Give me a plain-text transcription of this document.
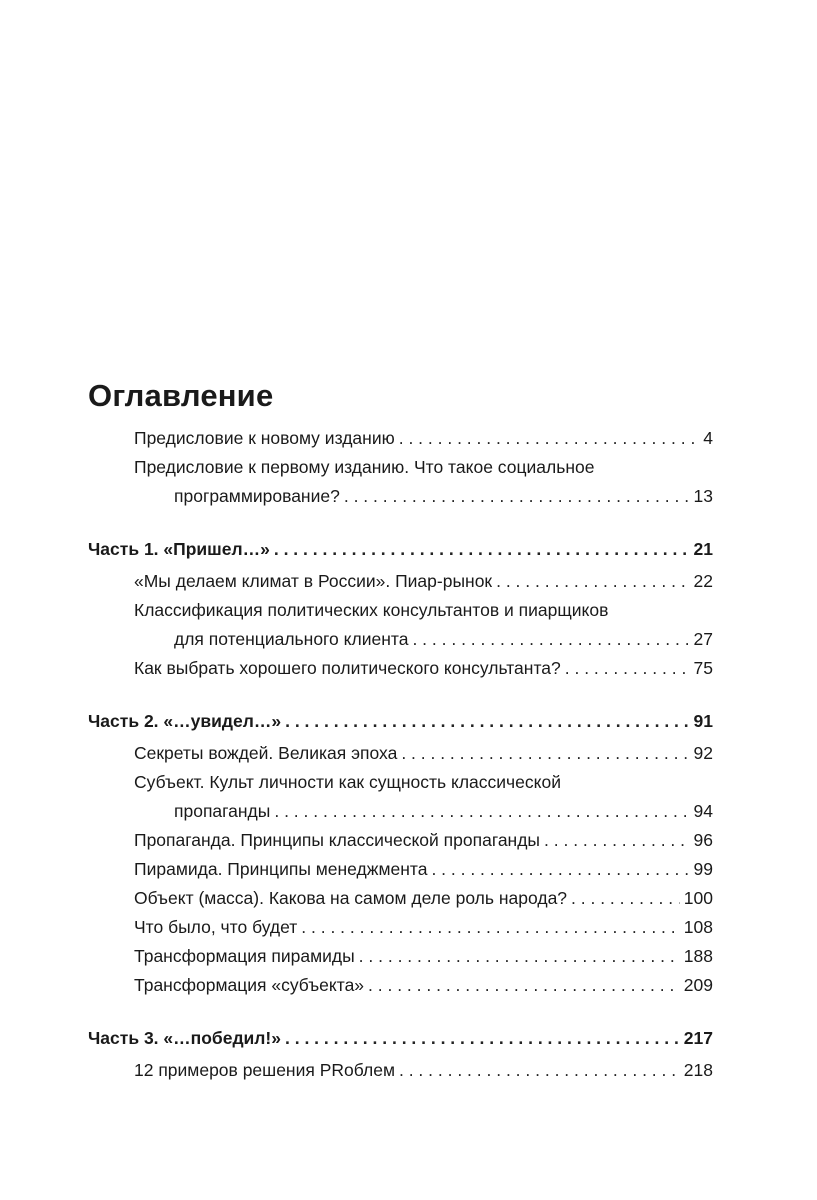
Оглавление
Предисловие к новому изданию . . .	4
Предисловие к первому изданию. Что такое социальное
программирование? . . .	13
Часть 1. «Пришел…» . . .	21
«Мы делаем климат в России». Пиар-рынок . . .	22
Классификация политических консультантов и пиарщиков
для потенциального клиента . . .	27
Как выбрать хорошего политического консультанта? . . .	75
Часть 2. «…увидел…» . . .	91
Секреты вождей. Великая эпоха . . .	92
Субъект. Культ личности как сущность классической
пропаганды . . .	94
Пропаганда. Принципы классической пропаганды . . .	96
Пирамида. Принципы менеджмента . . .	99
Объект (масса). Какова на самом деле роль народа? . . .	100
Что было, что будет . . .	108
Трансформация пирамиды . . .	188
Трансформация «субъекта» . . .	209
Часть 3. «…победил!» . . .	217
12 примеров решения PRоблем . . .	218
